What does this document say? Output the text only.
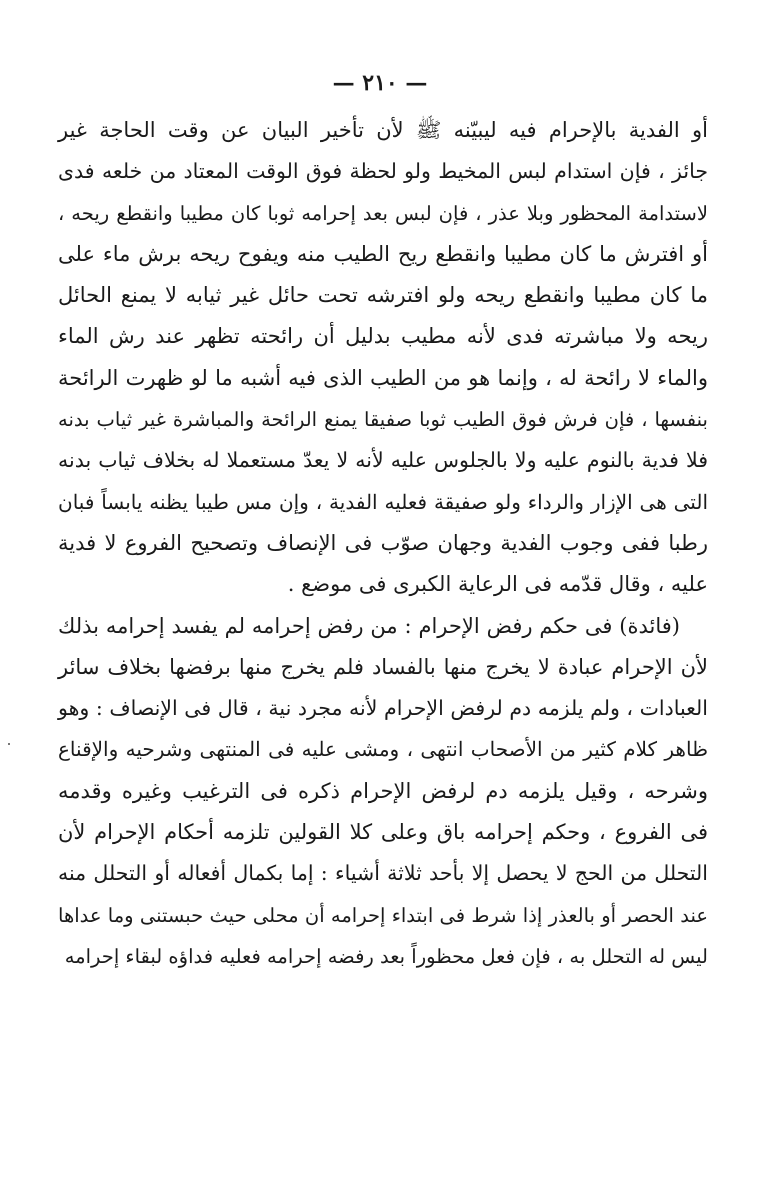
— ٢١٠ —
أو الفدية بالإحرام فيه ليبيّنه ﷺ لأن تأخير البيان عن وقت الحاجة غير
جائز ، فإن استدام لبس المخيط ولو لحظة فوق الوقت المعتاد من خلعه فدى
لاستدامة المحظور وبلا عذر ، فإن لبس بعد إحرامه ثوبا كان مطيبا وانقطع ريحه ،
أو افترش ما كان مطيبا وانقطع ريح الطيب منه ويفوح ريحه برش ماء على
ما كان مطيبا وانقطع ريحه ولو افترشه تحت حائل غير ثيابه لا يمنع الحائل
ريحه ولا مباشرته فدى لأنه مطيب بدليل أن رائحته تظهر عند رش الماء
والماء لا رائحة له ، وإنما هو من الطيب الذى فيه أشبه ما لو ظهرت الرائحة
بنفسها ، فإن فرش فوق الطيب ثوبا صفيقا يمنع الرائحة والمباشرة غير ثياب بدنه
فلا فدية بالنوم عليه ولا بالجلوس عليه لأنه لا يعدّ مستعملا له بخلاف ثياب بدنه
التى هى الإزار والرداء ولو صفيقة فعليه الفدية ، وإن مس طيبا يظنه يابساً فبان
رطبا ففى وجوب الفدية وجهان صوّب فى الإنصاف وتصحيح الفروع لا فدية
عليه ، وقال قدّمه فى الرعاية الكبرى فى موضع .
(فائدة) فى حكم رفض الإحرام : من رفض إحرامه لم يفسد إحرامه بذلك
لأن الإحرام عبادة لا يخرج منها بالفساد فلم يخرج منها برفضها بخلاف سائر
العبادات ، ولم يلزمه دم لرفض الإحرام لأنه مجرد نية ، قال فى الإنصاف : وهو
ظاهر كلام كثير من الأصحاب انتهى ، ومشى عليه فى المنتهى وشرحيه والإقناع
وشرحه ، وقيل يلزمه دم لرفض الإحرام ذكره فى الترغيب وغيره وقدمه
فى الفروع ، وحكم إحرامه باق وعلى كلا القولين تلزمه أحكام الإحرام لأن
التحلل من الحج لا يحصل إلا بأحد ثلاثة أشياء : إما بكمال أفعاله أو التحلل منه
عند الحصر أو بالعذر إذا شرط فى ابتداء إحرامه أن محلى حيث حبستنى وما عداها
ليس له التحلل به ، فإن فعل محظوراً بعد رفضه إحرامه فعليه فداؤه لبقاء إحرامه
